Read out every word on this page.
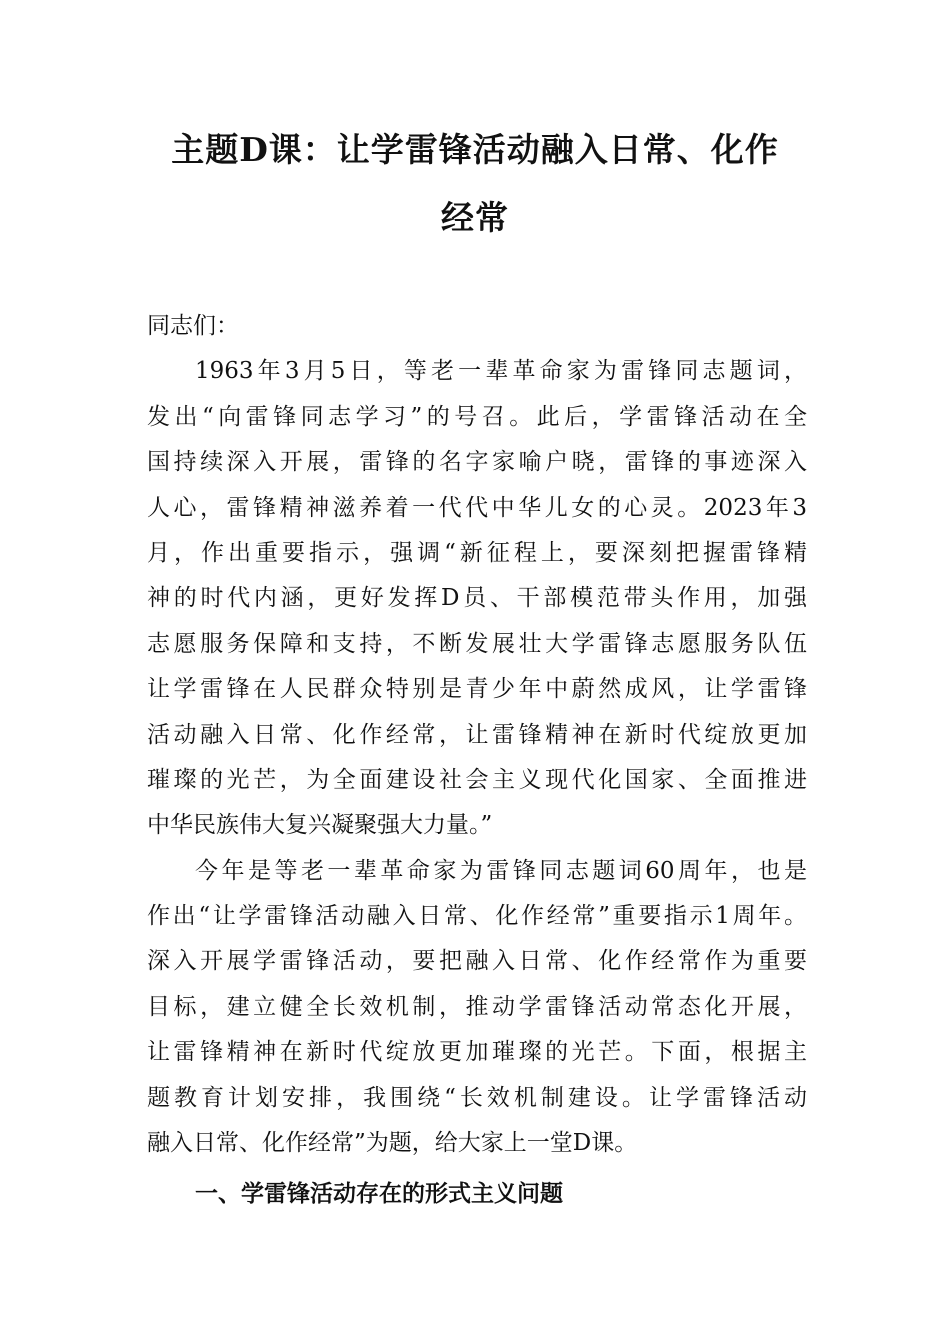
主题D课：让学雷锋活动融入日常、化作
经常
同志们：
1963年3月5日，等老一辈革命家为雷锋同志题词，
发出“向雷锋同志学习”的号召。此后，学雷锋活动在全
国持续深入开展，雷锋的名字家喻户晓，雷锋的事迹深入
人心，雷锋精神滋养着一代代中华儿女的心灵。2023年3
月，作出重要指示，强调“新征程上，要深刻把握雷锋精
神的时代内涵，更好发挥D员、干部模范带头作用，加强
志愿服务保障和支持，不断发展壮大学雷锋志愿服务队伍
让学雷锋在人民群众特别是青少年中蔚然成风，让学雷锋
活动融入日常、化作经常，让雷锋精神在新时代绽放更加
璀璨的光芒，为全面建设社会主义现代化国家、全面推进
中华民族伟大复兴凝聚强大力量。”
今年是等老一辈革命家为雷锋同志题词60周年，也是
作出“让学雷锋活动融入日常、化作经常”重要指示1周年。
深入开展学雷锋活动，要把融入日常、化作经常作为重要
目标，建立健全长效机制，推动学雷锋活动常态化开展，
让雷锋精神在新时代绽放更加璀璨的光芒。下面，根据主
题教育计划安排，我围绕“长效机制建设。让学雷锋活动
融入日常、化作经常”为题，给大家上一堂D课。
一、学雷锋活动存在的形式主义问题
